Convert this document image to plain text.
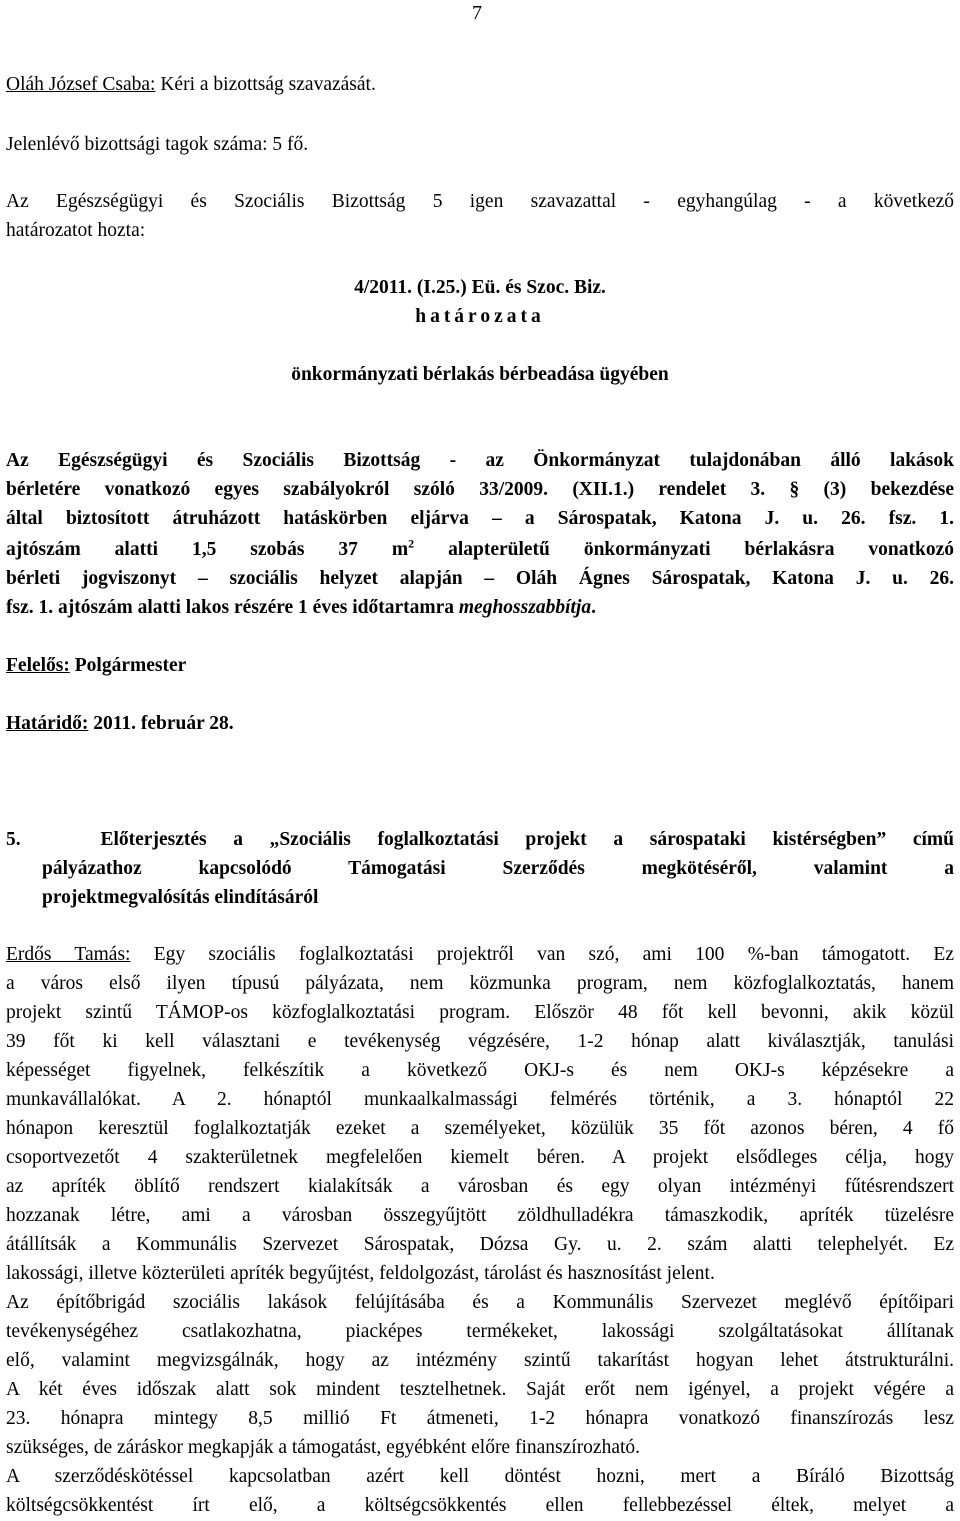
7
Oláh József Csaba: Kéri a bizottság szavazását.
Jelenlévő bizottsági tagok száma: 5 fő.
Az Egészségügyi és Szociális Bizottság 5 igen szavazattal - egyhangúlag - a következő
határozatot hozta:
4/2011. (I.25.) Eü. és Szoc. Biz.
határozata
önkormányzati bérlakás bérbeadása ügyében
Az Egészségügyi és Szociális Bizottság - az Önkormányzat tulajdonában álló lakások
bérletére vonatkozó egyes szabályokról szóló 33/2009. (XII.1.) rendelet 3. § (3) bekezdése
által biztosított átruházott hatáskörben eljárva – a Sárospatak, Katona J. u. 26. fsz. 1.
ajtószám alatti 1,5 szobás 37 $m^2$ alapterületű önkormányzati bérlakásra vonatkozó
bérleti jogviszonyt – szociális helyzet alapján – Oláh Ágnes Sárospatak, Katona J. u. 26.
fsz. 1. ajtószám alatti lakos részére 1 éves időtartamra meghosszabbítja.
Felelős: Polgármester
Határidő: 2011. február 28.
5.   Előterjesztés a „Szociális foglalkoztatási projekt a sárospataki kistérségben” című
pályázathoz kapcsolódó Támogatási Szerződés megkötéséről, valamint a
projektmegvalósítás elindításáról
Erdős Tamás: Egy szociális foglalkoztatási projektről van szó, ami 100 %-ban támogatott. Ez
a város első ilyen típusú pályázata, nem közmunka program, nem közfoglalkoztatás, hanem
projekt szintű TÁMOP-os közfoglalkoztatási program. Először 48 főt kell bevonni, akik közül
39 főt ki kell választani e tevékenység végzésére, 1-2 hónap alatt kiválasztják, tanulási
képességet figyelnek, felkészítik a következő OKJ-s és nem OKJ-s képzésekre a
munkavállalókat. A 2. hónaptól munkaalkalmassági felmérés történik, a 3. hónaptól 22
hónapon keresztül foglalkoztatják ezeket a személyeket, közülük 35 főt azonos béren, 4 fő
csoportvezetőt 4 szakterületnek megfelelően kiemelt béren. A projekt elsődleges célja, hogy
az apríték öblítő rendszert kialakítsák a városban és egy olyan intézményi fűtésrendszert
hozzanak létre, ami a városban összegyűjtött zöldhulladékra támaszkodik, apríték tüzelésre
átállítsák a Kommunális Szervezet Sárospatak, Dózsa Gy. u. 2. szám alatti telephelyét. Ez
lakossági, illetve közterületi apríték begyűjtést, feldolgozást, tárolást és hasznosítást jelent.
Az építőbrigád szociális lakások felújításába és a Kommunális Szervezet meglévő építőipari
tevékenységéhez csatlakozhatna, piacképes termékeket, lakossági szolgáltatásokat állítanak
elő, valamint megvizsgálnák, hogy az intézmény szintű takarítást hogyan lehet átstrukturálni.
A két éves időszak alatt sok mindent tesztelhetnek. Saját erőt nem igényel, a projekt végére a
23. hónapra mintegy 8,5 millió Ft átmeneti, 1-2 hónapra vonatkozó finanszírozás lesz
szükséges, de záráskor megkapják a támogatást, egyébként előre finanszírozható.
A szerződéskötéssel kapcsolatban azért kell döntést hozni, mert a Bíráló Bizottság
költségcsökkentést írt elő, a költségcsökkentés ellen fellebbezéssel éltek, melyet a
